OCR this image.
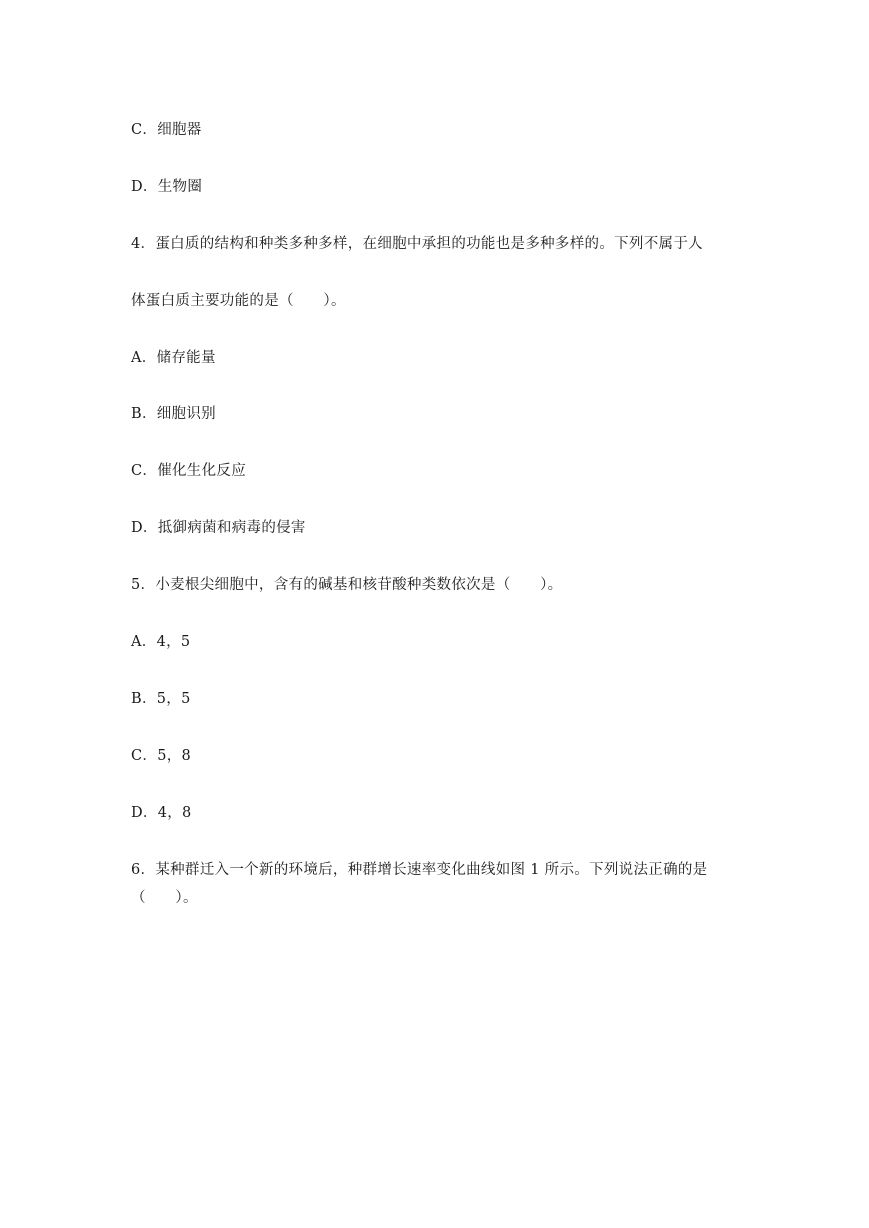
C．细胞器
D．生物圈
4．蛋白质的结构和种类多种多样，在细胞中承担的功能也是多种多样的。下列不属于人
体蛋白质主要功能的是（　　）。
A．储存能量
B．细胞识别
C．催化生化反应
D．抵御病菌和病毒的侵害
5．小麦根尖细胞中，含有的碱基和核苷酸种类数依次是（　　）。
A．4，5
B．5，5
C．5，8
D．4，8
6．某种群迁入一个新的环境后，种群增长速率变化曲线如图 1 所示。下列说法正确的是
（　　）。
